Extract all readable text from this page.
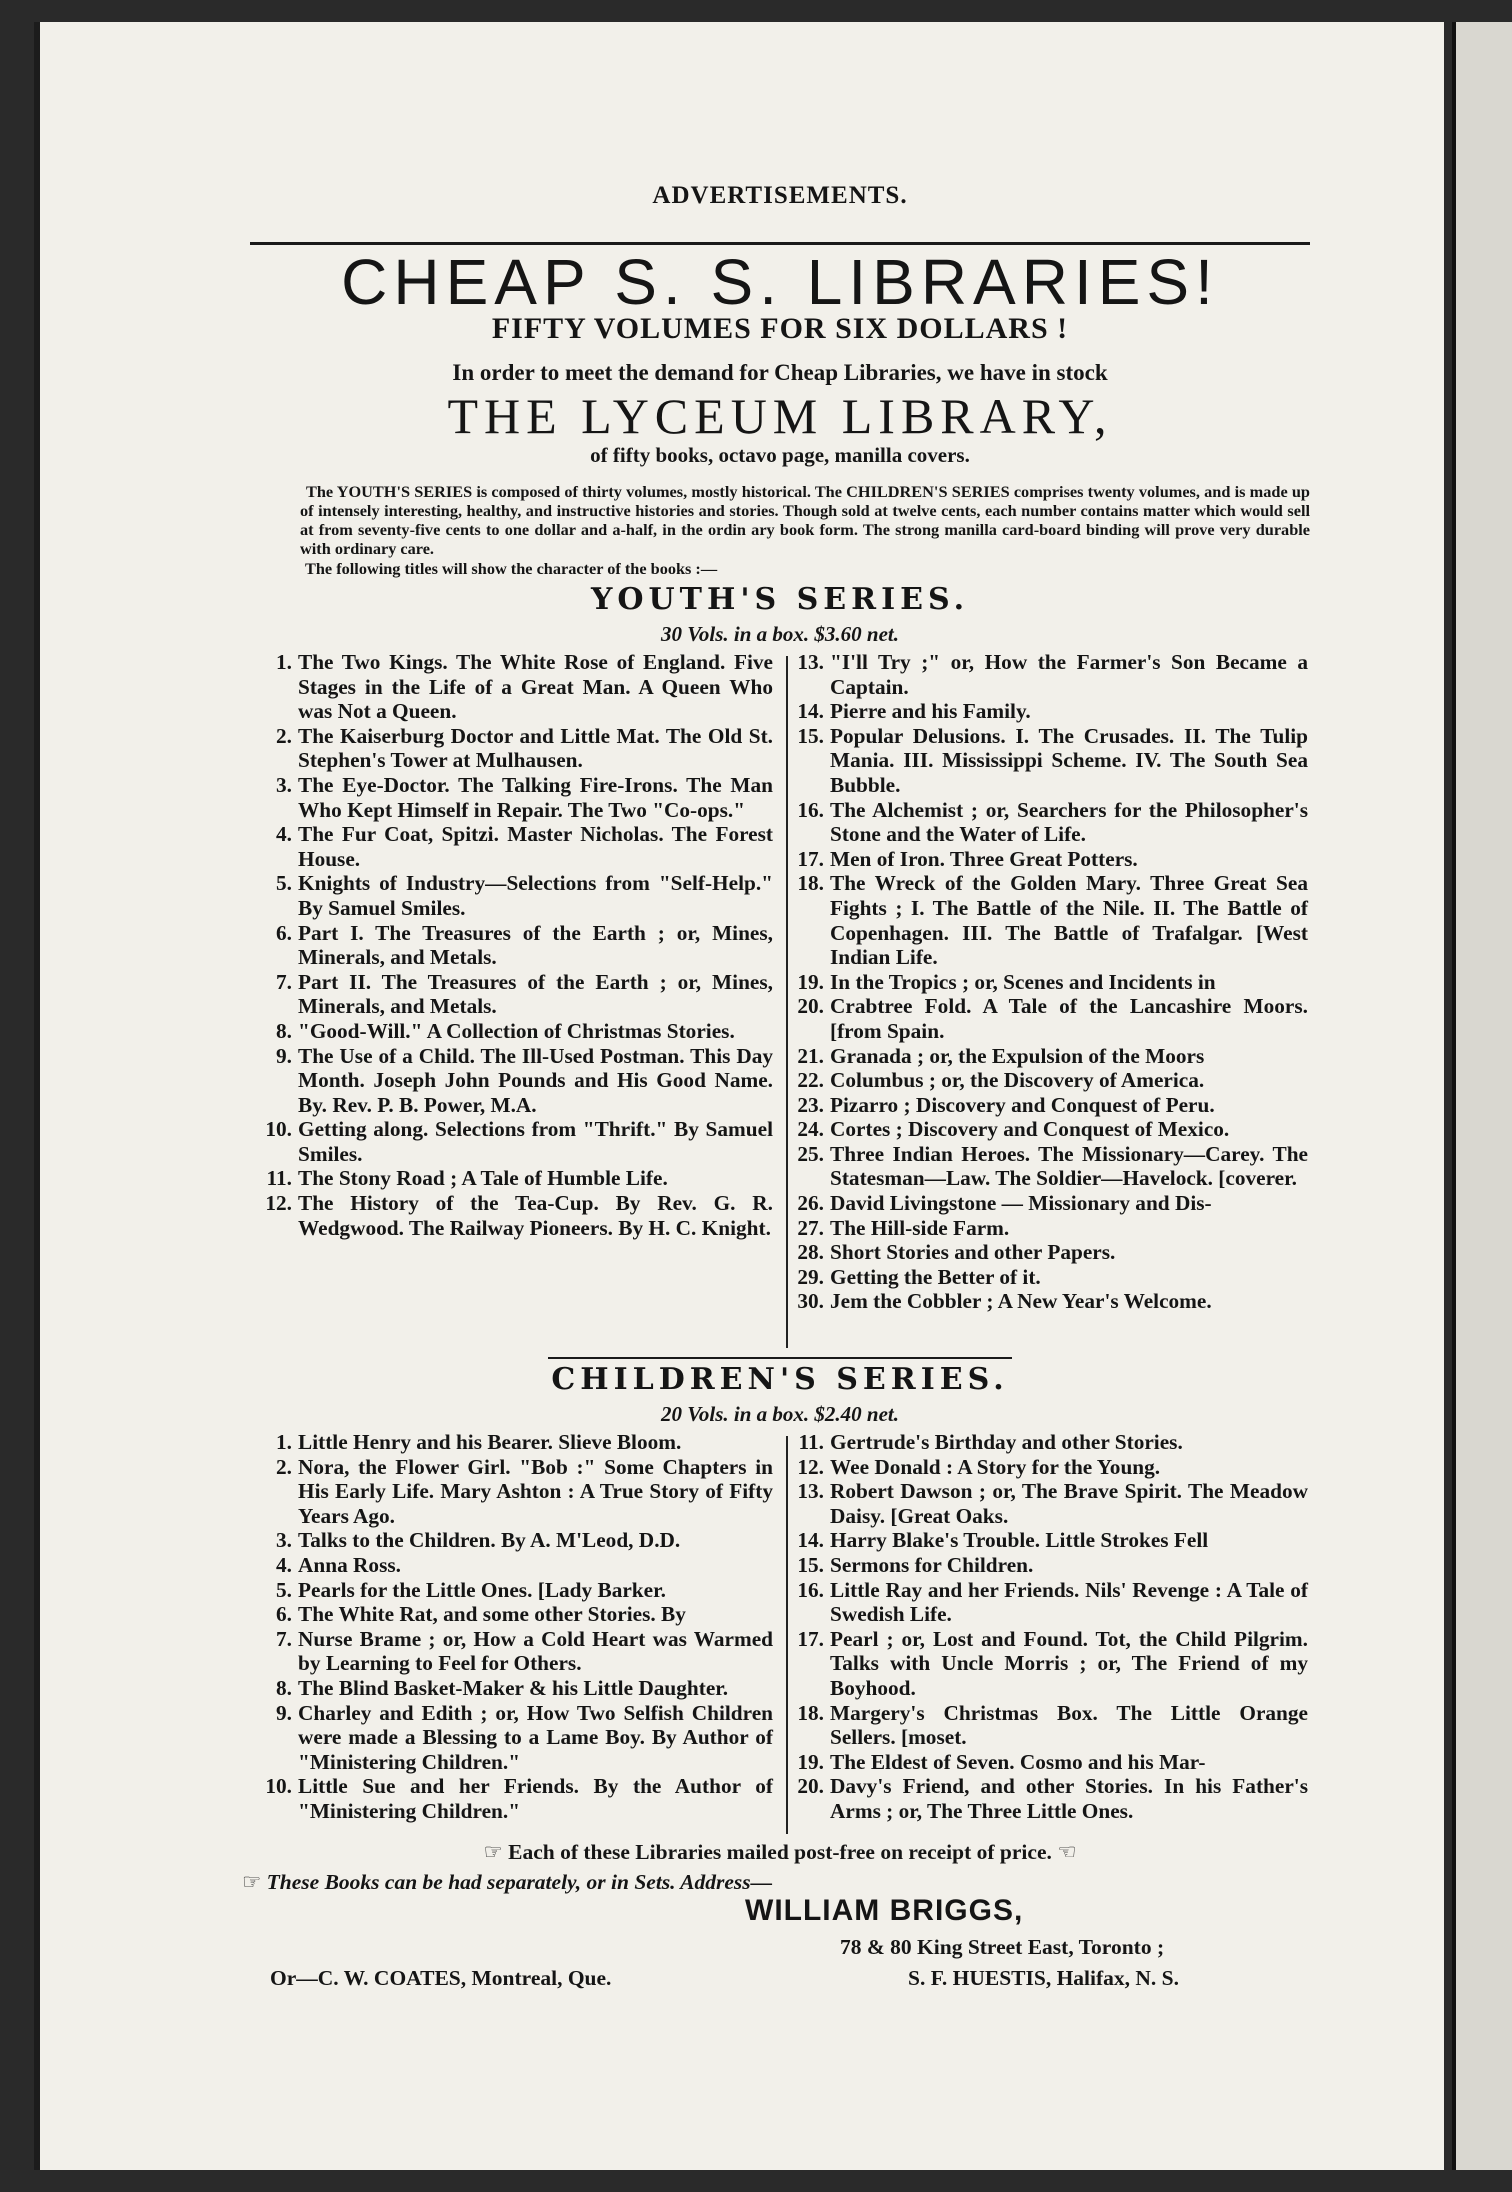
ADVERTISEMENTS.
CHEAP S. S. LIBRARIES!
FIFTY VOLUMES FOR SIX DOLLARS !
In order to meet the demand for Cheap Libraries, we have in stock
THE LYCEUM LIBRARY,
of fifty books, octavo page, manilla covers.
The YOUTH'S SERIES is composed of thirty volumes, mostly historical. The CHILDREN'S SERIES comprises twenty volumes, and is made up of intensely interesting, healthy, and instructive histories and stories. Though sold at twelve cents, each number contains matter which would sell at from seventy-five cents to one dollar and a-half, in the ordin ary book form. The strong manilla card-board binding will prove very durable with ordinary care.
The following titles will show the character of the books :—
YOUTH'S SERIES.
30 Vols. in a box. $3.60 net.
1. The Two Kings. The White Rose of England. Five Stages in the Life of a Great Man. A Queen Who was Not a Queen.
2. The Kaiserburg Doctor and Little Mat. The Old St. Stephen's Tower at Mulhausen.
3. The Eye-Doctor. The Talking Fire-Irons. The Man Who Kept Himself in Repair. The Two "Co-ops."
4. The Fur Coat, Spitzi. Master Nicholas. The Forest House.
5. Knights of Industry—Selections from "Self-Help." By Samuel Smiles.
6. Part I. The Treasures of the Earth ; or, Mines, Minerals, and Metals.
7. Part II. The Treasures of the Earth ; or, Mines, Minerals, and Metals.
8. "Good-Will." A Collection of Christmas Stories.
9. The Use of a Child. The Ill-Used Postman. This Day Month. Joseph John Pounds and His Good Name. By. Rev. P. B. Power, M.A.
10. Getting along. Selections from "Thrift." By Samuel Smiles.
11. The Stony Road ; A Tale of Humble Life.
12. The History of the Tea-Cup. By Rev. G. R. Wedgwood. The Railway Pioneers. By H. C. Knight.
13. "I'll Try ;" or, How the Farmer's Son Became a Captain.
14. Pierre and his Family.
15. Popular Delusions. I. The Crusades. II. The Tulip Mania. III. Mississippi Scheme. IV. The South Sea Bubble.
16. The Alchemist ; or, Searchers for the Philosopher's Stone and the Water of Life.
17. Men of Iron. Three Great Potters.
18. The Wreck of the Golden Mary. Three Great Sea Fights ; I. The Battle of the Nile. II. The Battle of Copenhagen. III. The Battle of Trafalgar. [West Indian Life.
19. In the Tropics ; or, Scenes and Incidents in
20. Crabtree Fold. A Tale of the Lancashire Moors. [from Spain.
21. Granada ; or, the Expulsion of the Moors
22. Columbus ; or, the Discovery of America.
23. Pizarro ; Discovery and Conquest of Peru.
24. Cortes ; Discovery and Conquest of Mexico.
25. Three Indian Heroes. The Missionary—Carey. The Statesman—Law. The Soldier—Havelock. [coverer.
26. David Livingstone — Missionary and Dis-
27. The Hill-side Farm.
28. Short Stories and other Papers.
29. Getting the Better of it.
30. Jem the Cobbler ; A New Year's Welcome.
CHILDREN'S SERIES.
20 Vols. in a box. $2.40 net.
1. Little Henry and his Bearer. Slieve Bloom.
2. Nora, the Flower Girl. "Bob :" Some Chapters in His Early Life. Mary Ashton : A True Story of Fifty Years Ago.
3. Talks to the Children. By A. M'Leod, D.D.
4. Anna Ross.
5. Pearls for the Little Ones. [Lady Barker.
6. The White Rat, and some other Stories. By
7. Nurse Brame ; or, How a Cold Heart was Warmed by Learning to Feel for Others.
8. The Blind Basket-Maker & his Little Daughter.
9. Charley and Edith ; or, How Two Selfish Children were made a Blessing to a Lame Boy. By Author of "Ministering Children."
10. Little Sue and her Friends. By the Author of "Ministering Children."
11. Gertrude's Birthday and other Stories.
12. Wee Donald : A Story for the Young.
13. Robert Dawson ; or, The Brave Spirit. The Meadow Daisy. [Great Oaks.
14. Harry Blake's Trouble. Little Strokes Fell
15. Sermons for Children.
16. Little Ray and her Friends. Nils' Revenge : A Tale of Swedish Life.
17. Pearl ; or, Lost and Found. Tot, the Child Pilgrim. Talks with Uncle Morris ; or, The Friend of my Boyhood.
18. Margery's Christmas Box. The Little Orange Sellers. [moset.
19. The Eldest of Seven. Cosmo and his Mar-
20. Davy's Friend, and other Stories. In his Father's Arms ; or, The Three Little Ones.
☞ Each of these Libraries mailed post-free on receipt of price. ☜
☞ These Books can be had separately, or in Sets. Address—
WILLIAM BRIGGS,
78 & 80 King Street East, Toronto ;
Or—C. W. COATES, Montreal, Que.	S. F. HUESTIS, Halifax, N. S.
